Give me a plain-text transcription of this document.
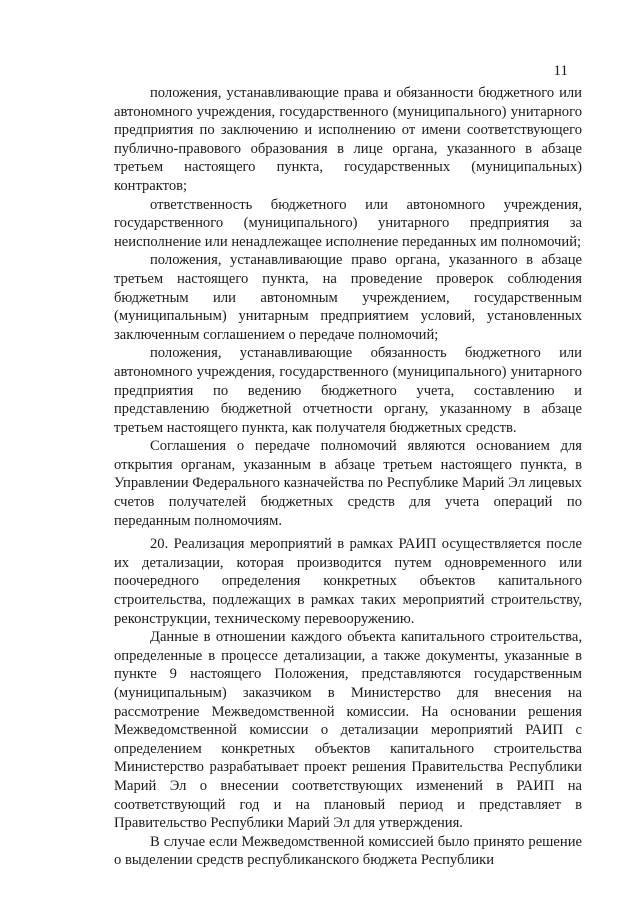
11

положения, устанавливающие права и обязанности бюджетного или автономного учреждения, государственного (муниципального) унитарного предприятия по заключению и исполнению от имени соответствующего публично-правового образования в лице органа, указанного в абзаце третьем настоящего пункта, государственных (муниципальных) контрактов;

ответственность бюджетного или автономного учреждения, государственного (муниципального) унитарного предприятия за неисполнение или ненадлежащее исполнение переданных им полномочий;

положения, устанавливающие право органа, указанного в абзаце третьем настоящего пункта, на проведение проверок соблюдения бюджетным или автономным учреждением, государственным (муниципальным) унитарным предприятием условий, установленных заключенным соглашением о передаче полномочий;

положения, устанавливающие обязанность бюджетного или автономного учреждения, государственного (муниципального) унитарного предприятия по ведению бюджетного учета, составлению и представлению бюджетной отчетности органу, указанному в абзаце третьем настоящего пункта, как получателя бюджетных средств.

Соглашения о передаче полномочий являются основанием для открытия органам, указанным в абзаце третьем настоящего пункта, в Управлении Федерального казначейства по Республике Марий Эл лицевых счетов получателей бюджетных средств для учета операций по переданным полномочиям.

20. Реализация мероприятий в рамках РАИП осуществляется после их детализации, которая производится путем одновременного или поочередного определения конкретных объектов капитального строительства, подлежащих в рамках таких мероприятий строительству, реконструкции, техническому перевооружению.

Данные в отношении каждого объекта капитального строительства, определенные в процессе детализации, а также документы, указанные в пункте 9 настоящего Положения, представляются государственным (муниципальным) заказчиком в Министерство для внесения на рассмотрение Межведомственной комиссии. На основании решения Межведомственной комиссии о детализации мероприятий РАИП с определением конкретных объектов капитального строительства Министерство разрабатывает проект решения Правительства Республики Марий Эл о внесении соответствующих изменений в РАИП на соответствующий год и на плановый период и представляет в Правительство Республики Марий Эл для утверждения.

В случае если Межведомственной комиссией было принято решение о выделении средств республиканского бюджета Республики
